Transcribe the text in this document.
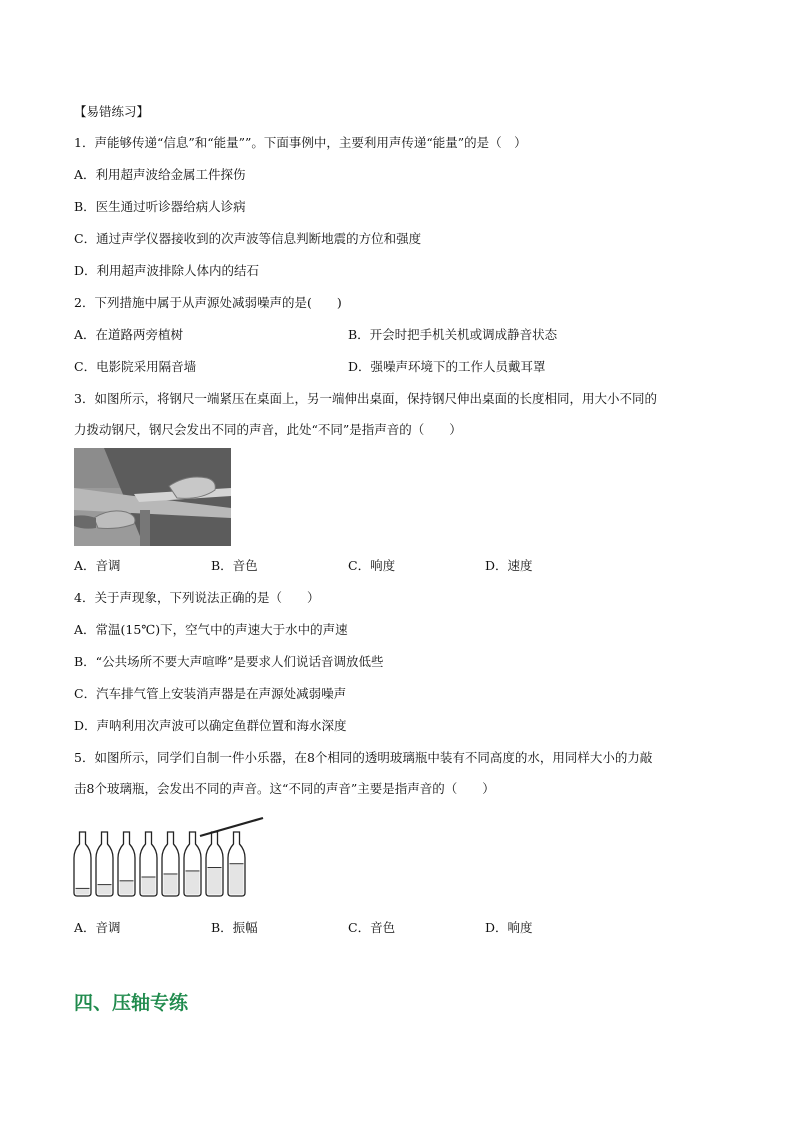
【易错练习】
1．声能够传递“信息”和“能量””。下面事例中，主要利用声传递“能量”的是（　）
A．利用超声波给金属工件探伤
B．医生通过听诊器给病人诊病
C．通过声学仪器接收到的次声波等信息判断地震的方位和强度
D．利用超声波排除人体内的结石
2．下列措施中属于从声源处减弱噪声的是(　　)
A．在道路两旁植树	B．开会时把手机关机或调成静音状态
C．电影院采用隔音墙	D．强噪声环境下的工作人员戴耳罩
3．如图所示，将钢尺一端紧压在桌面上，另一端伸出桌面，保持钢尺伸出桌面的长度相同，用大小不同的
力拨动钢尺，钢尺会发出不同的声音，此处“不同”是指声音的（　　）
A．音调	B．音色	C．响度	D．速度
4．关于声现象，下列说法正确的是（　　）
A．常温(15℃)下，空气中的声速大于水中的声速
B．“公共场所不要大声喧哗”是要求人们说话音调放低些
C．汽车排气管上安装消声器是在声源处减弱噪声
D．声呐利用次声波可以确定鱼群位置和海水深度
5．如图所示，同学们自制一件小乐器，在8个相同的透明玻璃瓶中装有不同高度的水，用同样大小的力敲
击8个玻璃瓶，会发出不同的声音。这“不同的声音”主要是指声音的（　　）
A．音调	B．振幅	C．音色	D．响度
四、压轴专练
